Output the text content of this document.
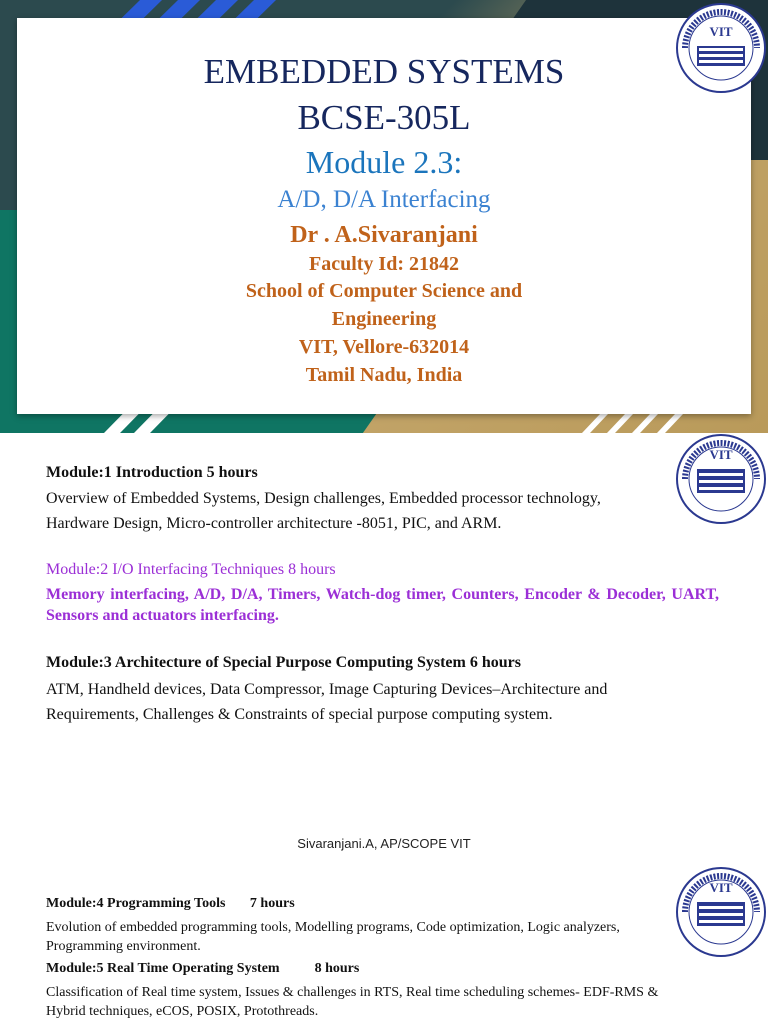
EMBEDDED SYSTEMS
BCSE-305L
Module 2.3:
A/D, D/A Interfacing
Dr . A.Sivaranjani
Faculty Id: 21842
School of Computer Science and
Engineering
VIT, Vellore-632014
Tamil Nadu, India
VIT
VIT
Module:1 Introduction 5 hours
Overview of Embedded Systems, Design challenges, Embedded processor technology,
Hardware Design, Micro-controller architecture -8051, PIC, and ARM.
Module:2 I/O Interfacing Techniques 8 hours
Memory interfacing, A/D, D/A, Timers, Watch-dog timer, Counters, Encoder & Decoder, UART, Sensors and actuators interfacing.
Module:3 Architecture of Special Purpose Computing System 6 hours
ATM, Handheld devices, Data Compressor, Image Capturing Devices–Architecture and
Requirements, Challenges & Constraints of special purpose computing system.
Sivaranjani.A, AP/SCOPE VIT
VIT
Module:4 Programming Tools       7 hours
Evolution of embedded programming tools, Modelling programs, Code optimization, Logic analyzers, Programming environment.
Module:5 Real Time Operating System          8 hours
Classification of Real time system, Issues & challenges in RTS, Real time scheduling schemes- EDF-RMS & Hybrid techniques, eCOS, POSIX, Protothreads.
